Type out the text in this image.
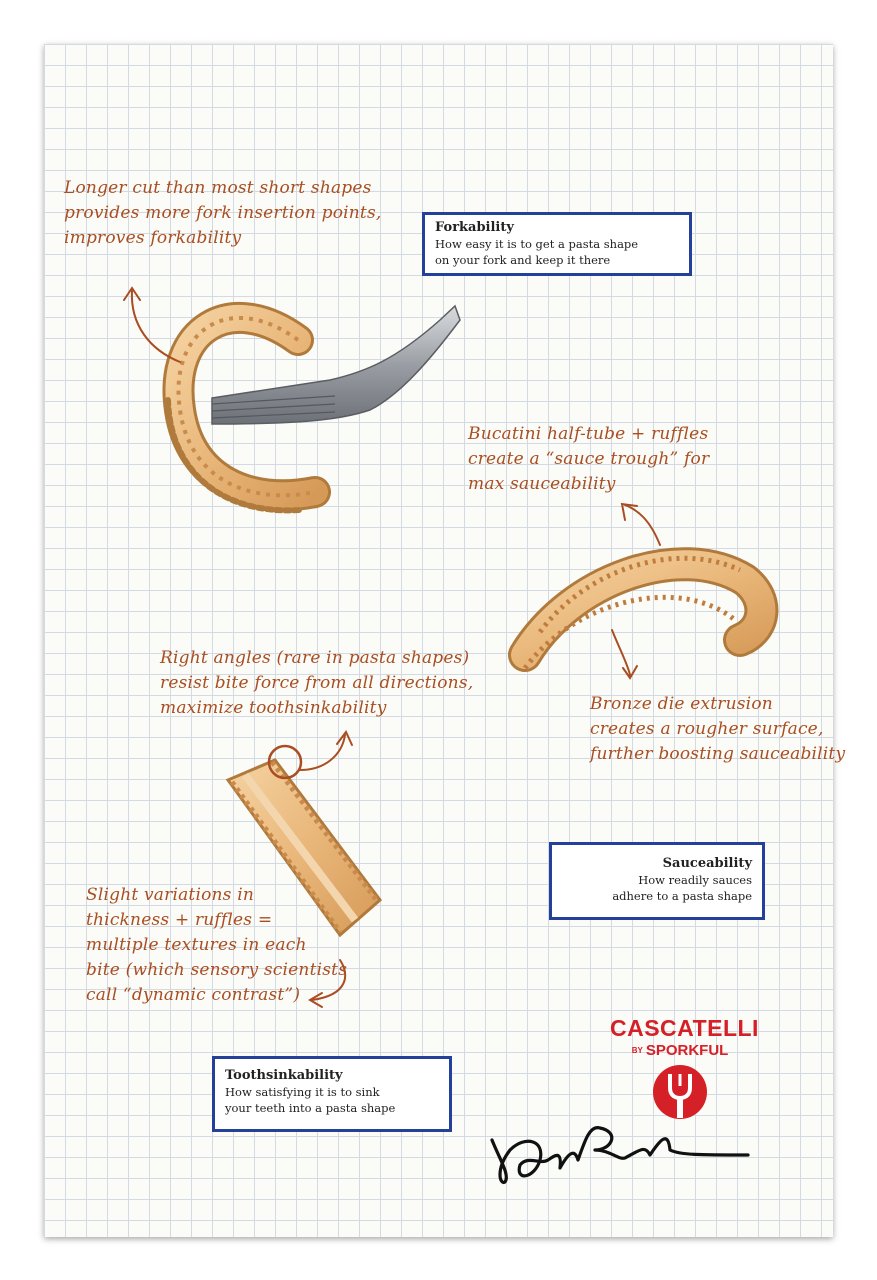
Longer cut than most short shapes
provides more fork insertion points,
improves forkability
Bucatini half-tube + ruffles
create a “sauce trough” for
max sauceability
Bronze die extrusion
creates a rougher surface,
further boosting sauceability
Right angles (rare in pasta shapes)
resist bite force from all directions,
maximize toothsinkability
Slight variations in
thickness + ruffles =
multiple textures in each
bite (which sensory scientists
call “dynamic contrast”)
Forkability
How easy it is to get a pasta shape
on your fork and keep it there
Sauceability
How readily sauces
adhere to a pasta shape
Toothsinkability
How satisfying it is to sink
your teeth into a pasta shape
CASCATELLI
BY SPORKFUL
